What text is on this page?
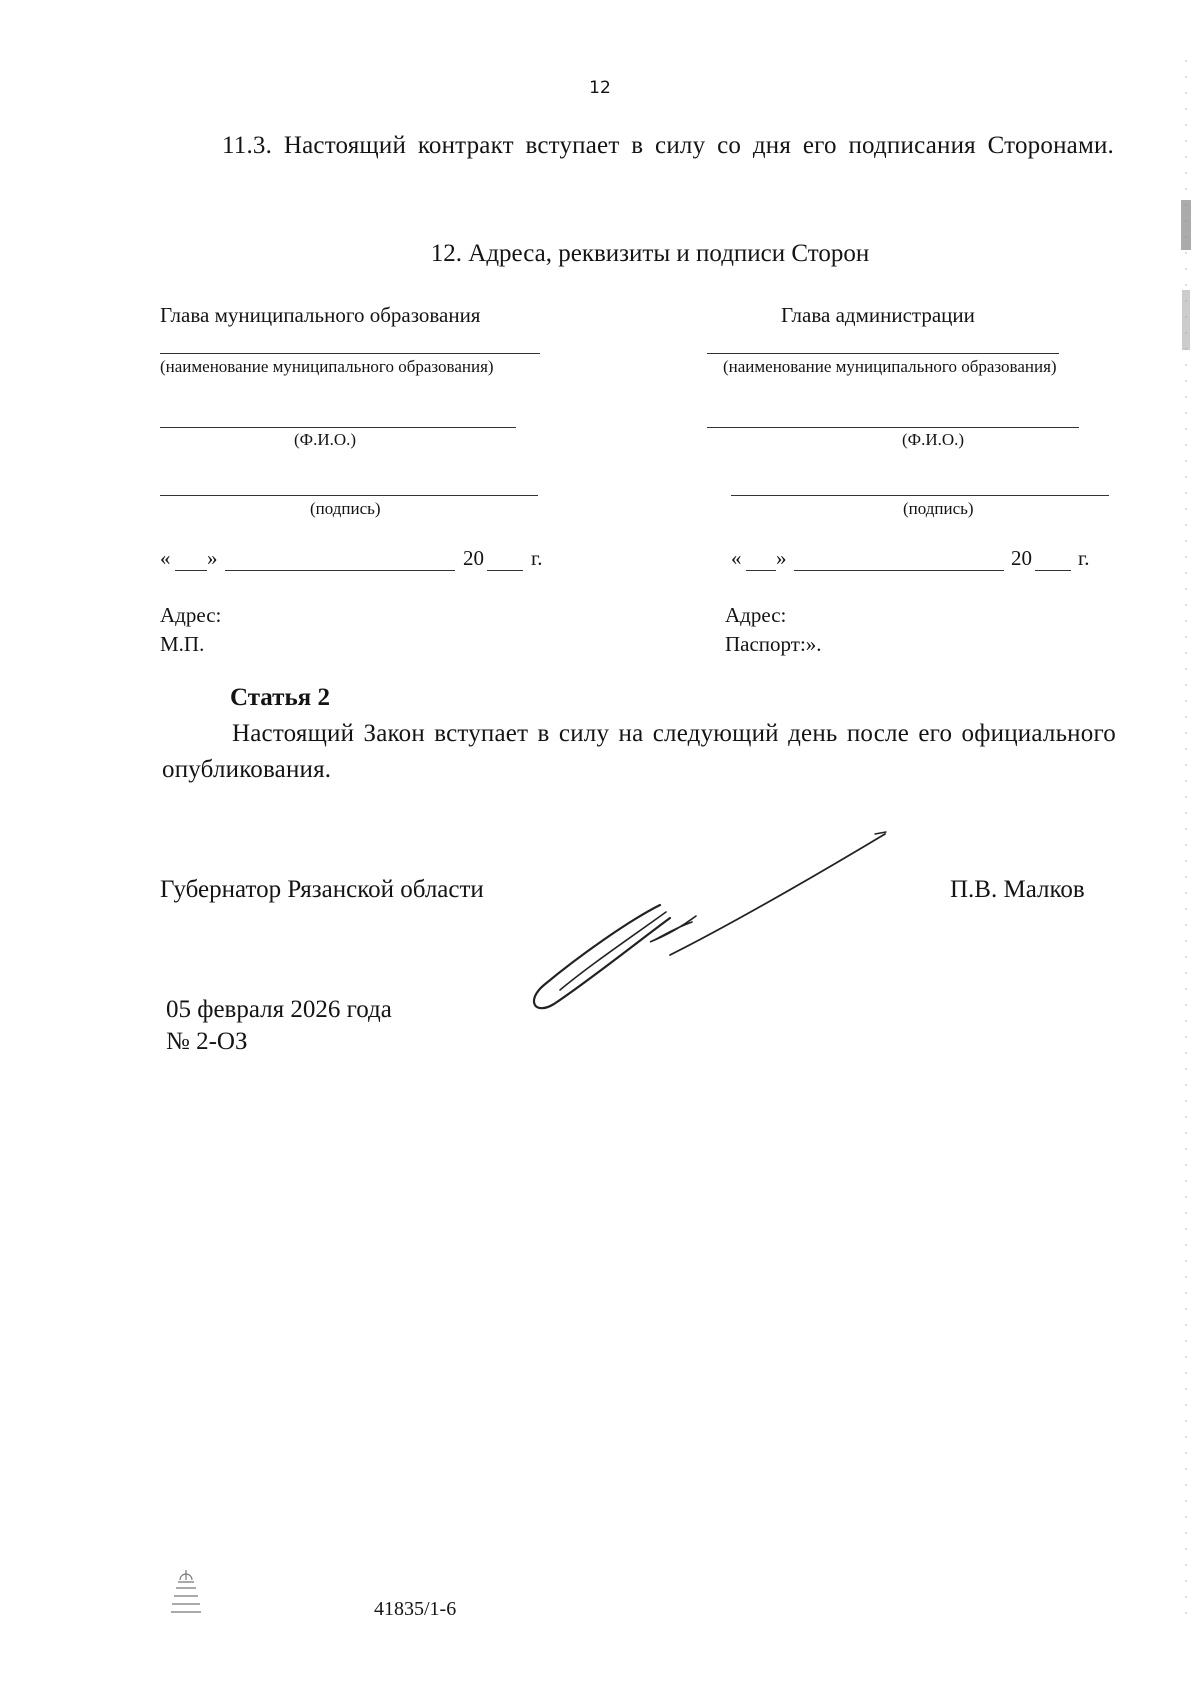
12
11.3. Настоящий контракт вступает в силу со дня его подписания Сторонами.
12. Адреса, реквизиты и подписи Сторон
Глава муниципального образования
(наименование муниципального образования)
(Ф.И.О.)
(подпись)
« »	20 г.
Адрес:
М.П.
Глава администрации
(наименование муниципального образования)
(Ф.И.О.)
(подпись)
« »	20 г.
Адрес:
Паспорт:».
Статья 2
Настоящий Закон вступает в силу на следующий день после его официального опубликования.
Губернатор Рязанской области	П.В. Малков
05 февраля 2026 года
№ 2-ОЗ
41835/1-6
